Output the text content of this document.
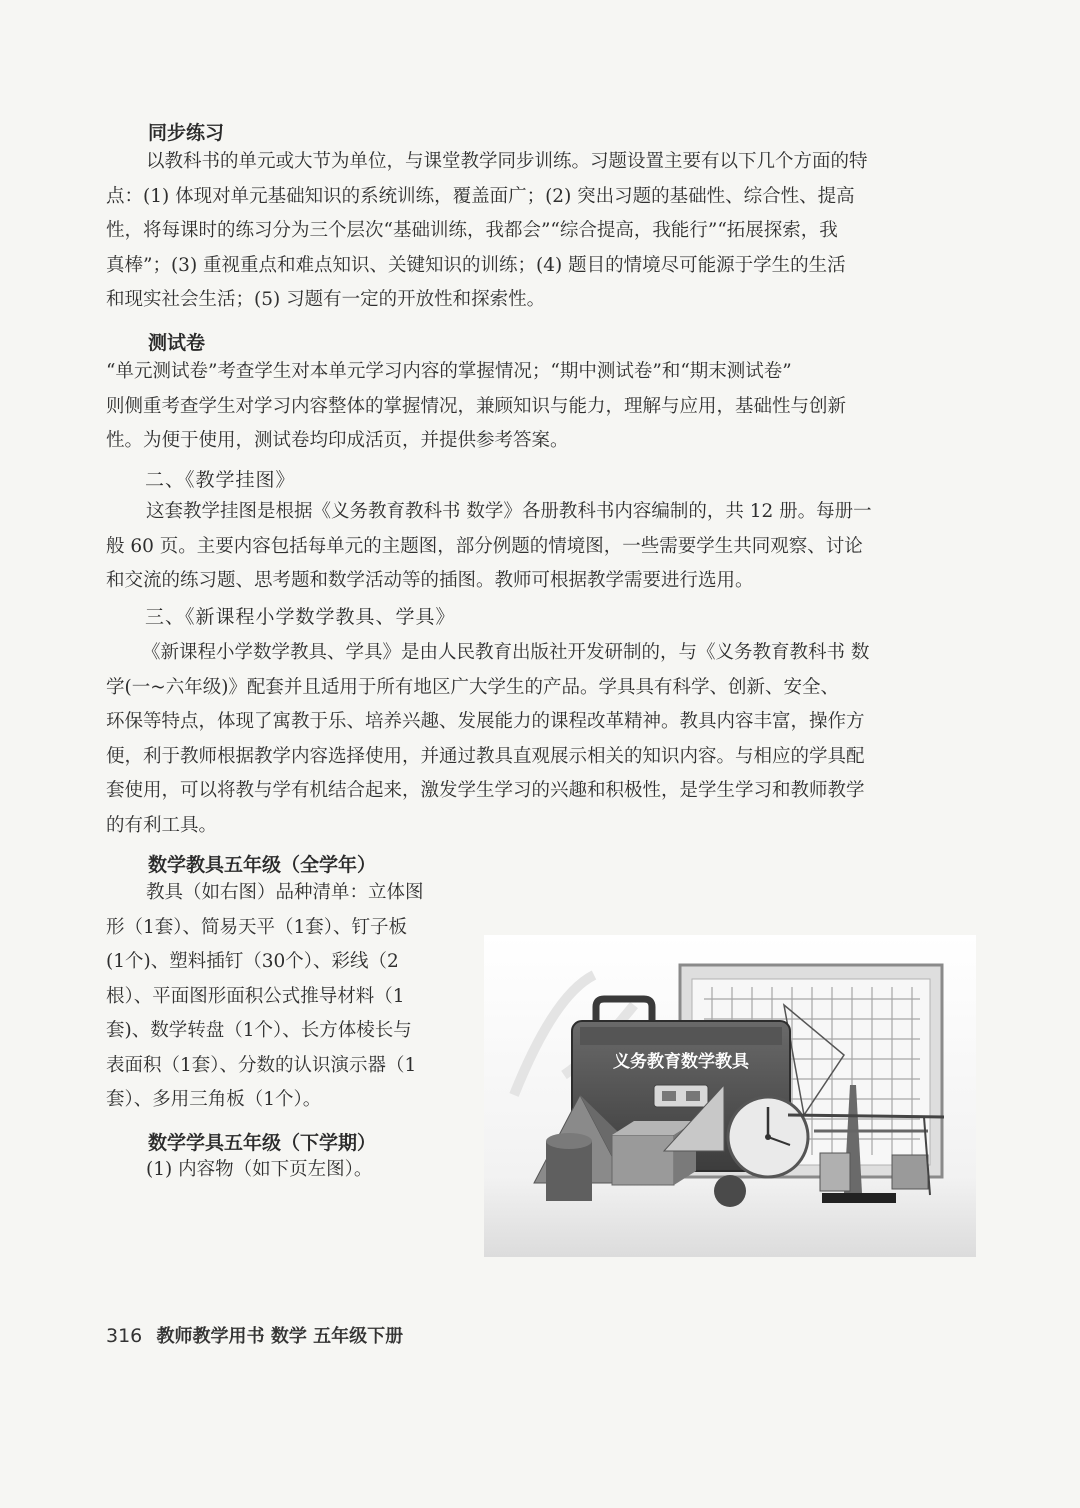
同步练习
以教科书的单元或大节为单位，与课堂教学同步训练。习题设置主要有以下几个方面的特
点：(1) 体现对单元基础知识的系统训练，覆盖面广；(2) 突出习题的基础性、综合性、提高
性，将每课时的练习分为三个层次“基础训练，我都会”“综合提高，我能行”“拓展探索，我
真棒”；(3) 重视重点和难点知识、关键知识的训练；(4) 题目的情境尽可能源于学生的生活
和现实社会生活；(5) 习题有一定的开放性和探索性。
测试卷
“单元测试卷”考查学生对本单元学习内容的掌握情况；“期中测试卷”和“期末测试卷”
则侧重考查学生对学习内容整体的掌握情况，兼顾知识与能力，理解与应用，基础性与创新
性。为便于使用，测试卷均印成活页，并提供参考答案。
二、《教学挂图》
这套教学挂图是根据《义务教育教科书 数学》各册教科书内容编制的，共 12 册。每册一
般 60 页。主要内容包括每单元的主题图，部分例题的情境图，一些需要学生共同观察、讨论
和交流的练习题、思考题和数学活动等的插图。教师可根据教学需要进行选用。
三、《新课程小学数学教具、学具》
《新课程小学数学教具、学具》是由人民教育出版社开发研制的，与《义务教育教科书 数
学(一~六年级)》配套并且适用于所有地区广大学生的产品。学具具有科学、创新、安全、
环保等特点，体现了寓教于乐、培养兴趣、发展能力的课程改革精神。教具内容丰富，操作方
便，利于教师根据教学内容选择使用，并通过教具直观展示相关的知识内容。与相应的学具配
套使用，可以将教与学有机结合起来，激发学生学习的兴趣和积极性，是学生学习和教师教学
的有利工具。
数学教具五年级（全学年）
教具（如右图）品种清单：立体图
形（1套）、简易天平（1套）、钉子板
(1个)、塑料插钉（30个）、彩线（2
根）、平面图形面积公式推导材料（1
套)、数学转盘（1个）、长方体棱长与
表面积（1套）、分数的认识演示器（1
套）、多用三角板（1个）。
数学学具五年级（下学期）
(1) 内容物（如下页左图）。
义务教育数学教具
316 教师教学用书 数学 五年级下册
